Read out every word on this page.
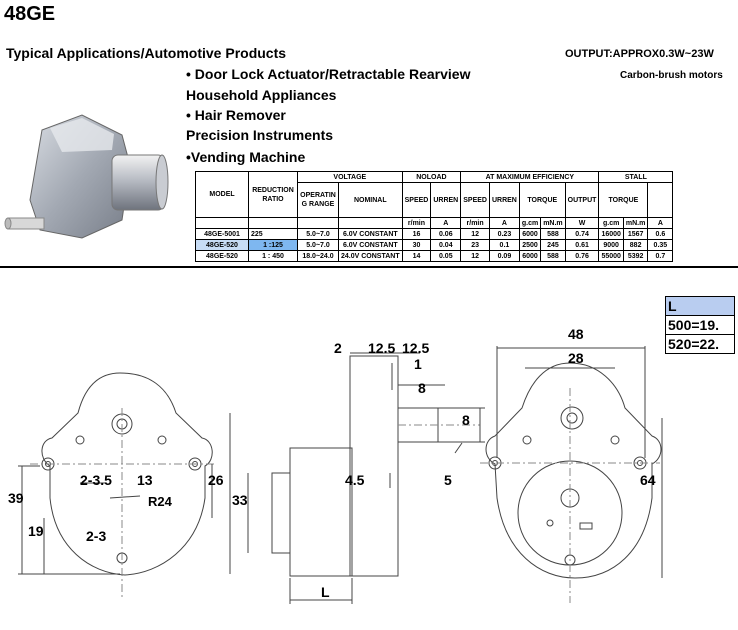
48GE
Typical Applications/Automotive Products	OUTPUT:APPROX0.3W~23W
Carbon-brush motors
• Door Lock Actuator/Retractable Rearview
Household Appliances
• Hair Remover
Precision Instruments
•Vending Machine
MODEL	REDUCTION RATIO	VOLTAGE		NOLOAD		AT MAXIMUM EFFICIENCY					STALL		
		OPERATIN G RANGE	NOMINAL	SPEED	URREN	SPEED	URREN	TORQUE		OUTPUT	TORQUE		

				r/min	A	r/min	A	g.cm	mN.m	W	g.cm	mN.m	A
48GE-5001	225	5.0~7.0	6.0V CONSTANT	16	0.06	12	0.23	6000	588	0.74	16000	1567	0.6
48GE-520	1 :125	5.0~7.0	6.0V CONSTANT	30	0.04	23	0.1	2500	245	0.61	9000	882	0.35
48GE-520	1 : 450	18.0~24.0	24.0V CONSTANT	14	0.05	12	0.09	6000	588	0.76	55000	5392	0.7
L
500=19.
520=22.
39
19
2-3.5 13	26
R24
2-3
33
2 12.5 12.5
1
8
8
4.5	5
L
48
28
64
